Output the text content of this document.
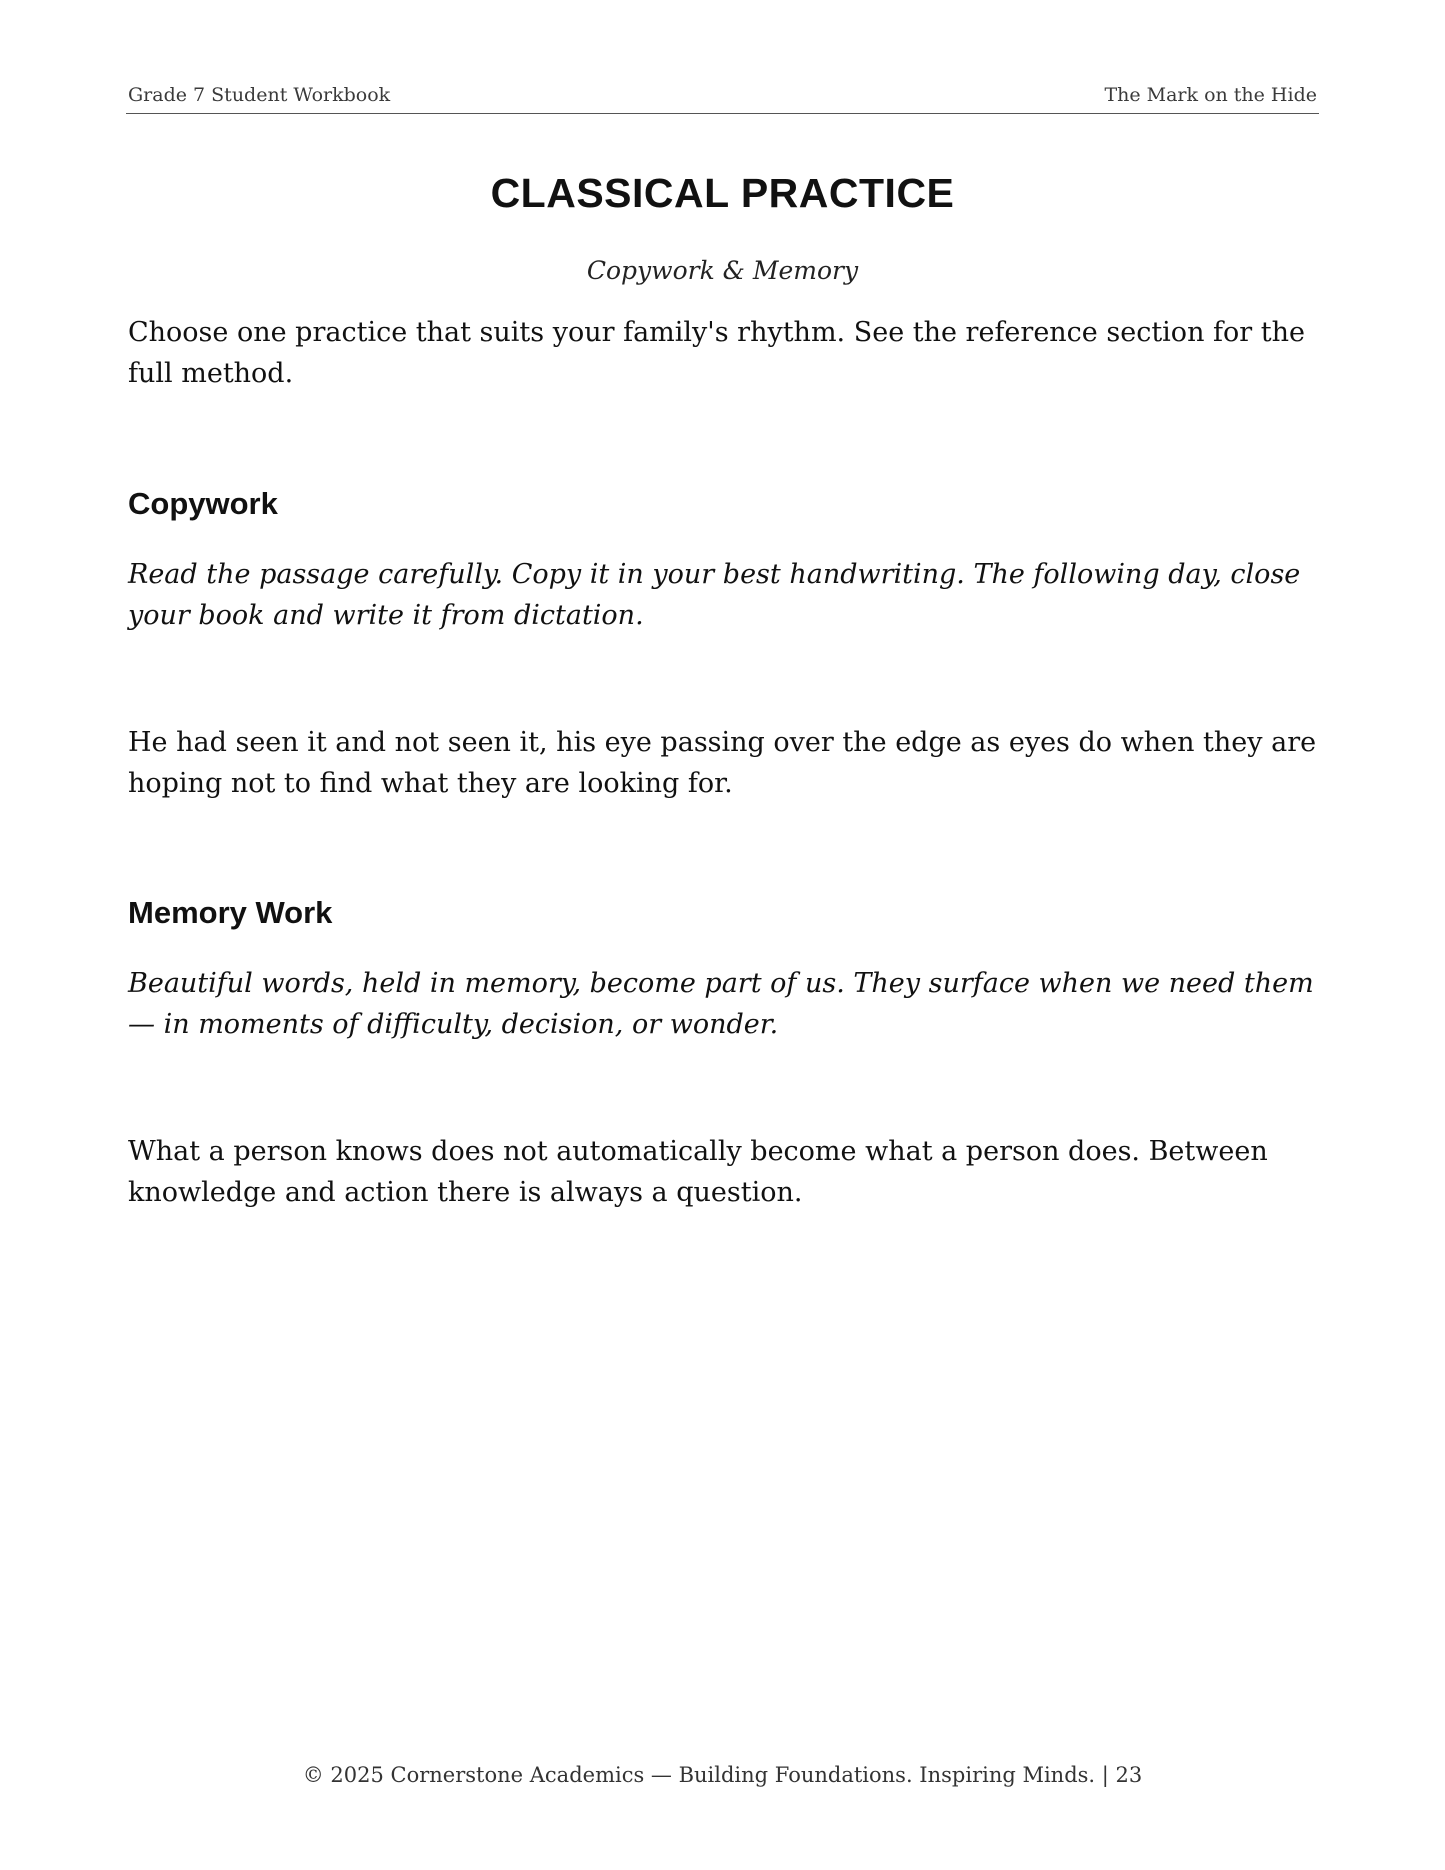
Grade 7 Student Workbook	The Mark on the Hide
CLASSICAL PRACTICE
Copywork & Memory
Choose one practice that suits your family's rhythm. See the reference section for the full method.
Copywork
Read the passage carefully. Copy it in your best handwriting. The following day, close your book and write it from dictation.
He had seen it and not seen it, his eye passing over the edge as eyes do when they are hoping not to find what they are looking for.
Memory Work
Beautiful words, held in memory, become part of us. They surface when we need them — in moments of difficulty, decision, or wonder.
What a person knows does not automatically become what a person does. Between knowledge and action there is always a question.
© 2025 Cornerstone Academics — Building Foundations. Inspiring Minds. | 23
